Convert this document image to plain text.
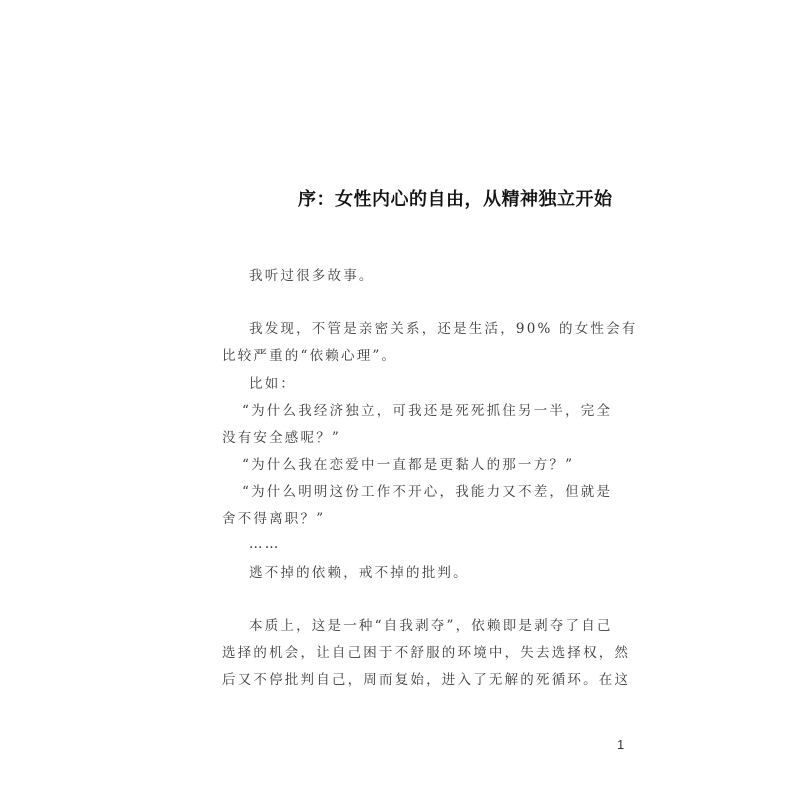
序：女性内心的自由，从精神独立开始
我听过很多故事。
我发现，不管是亲密关系，还是生活，90% 的女性会有
比较严重的“依赖心理”。
比如：
“为什么我经济独立，可我还是死死抓住另一半，完全
没有安全感呢？”
“为什么我在恋爱中一直都是更黏人的那一方？”
“为什么明明这份工作不开心，我能力又不差，但就是
舍不得离职？”
……
逃不掉的依赖，戒不掉的批判。
本质上，这是一种“自我剥夺”，依赖即是剥夺了自己
选择的机会，让自己困于不舒服的环境中，失去选择权，然
后又不停批判自己，周而复始，进入了无解的死循环。在这
1
